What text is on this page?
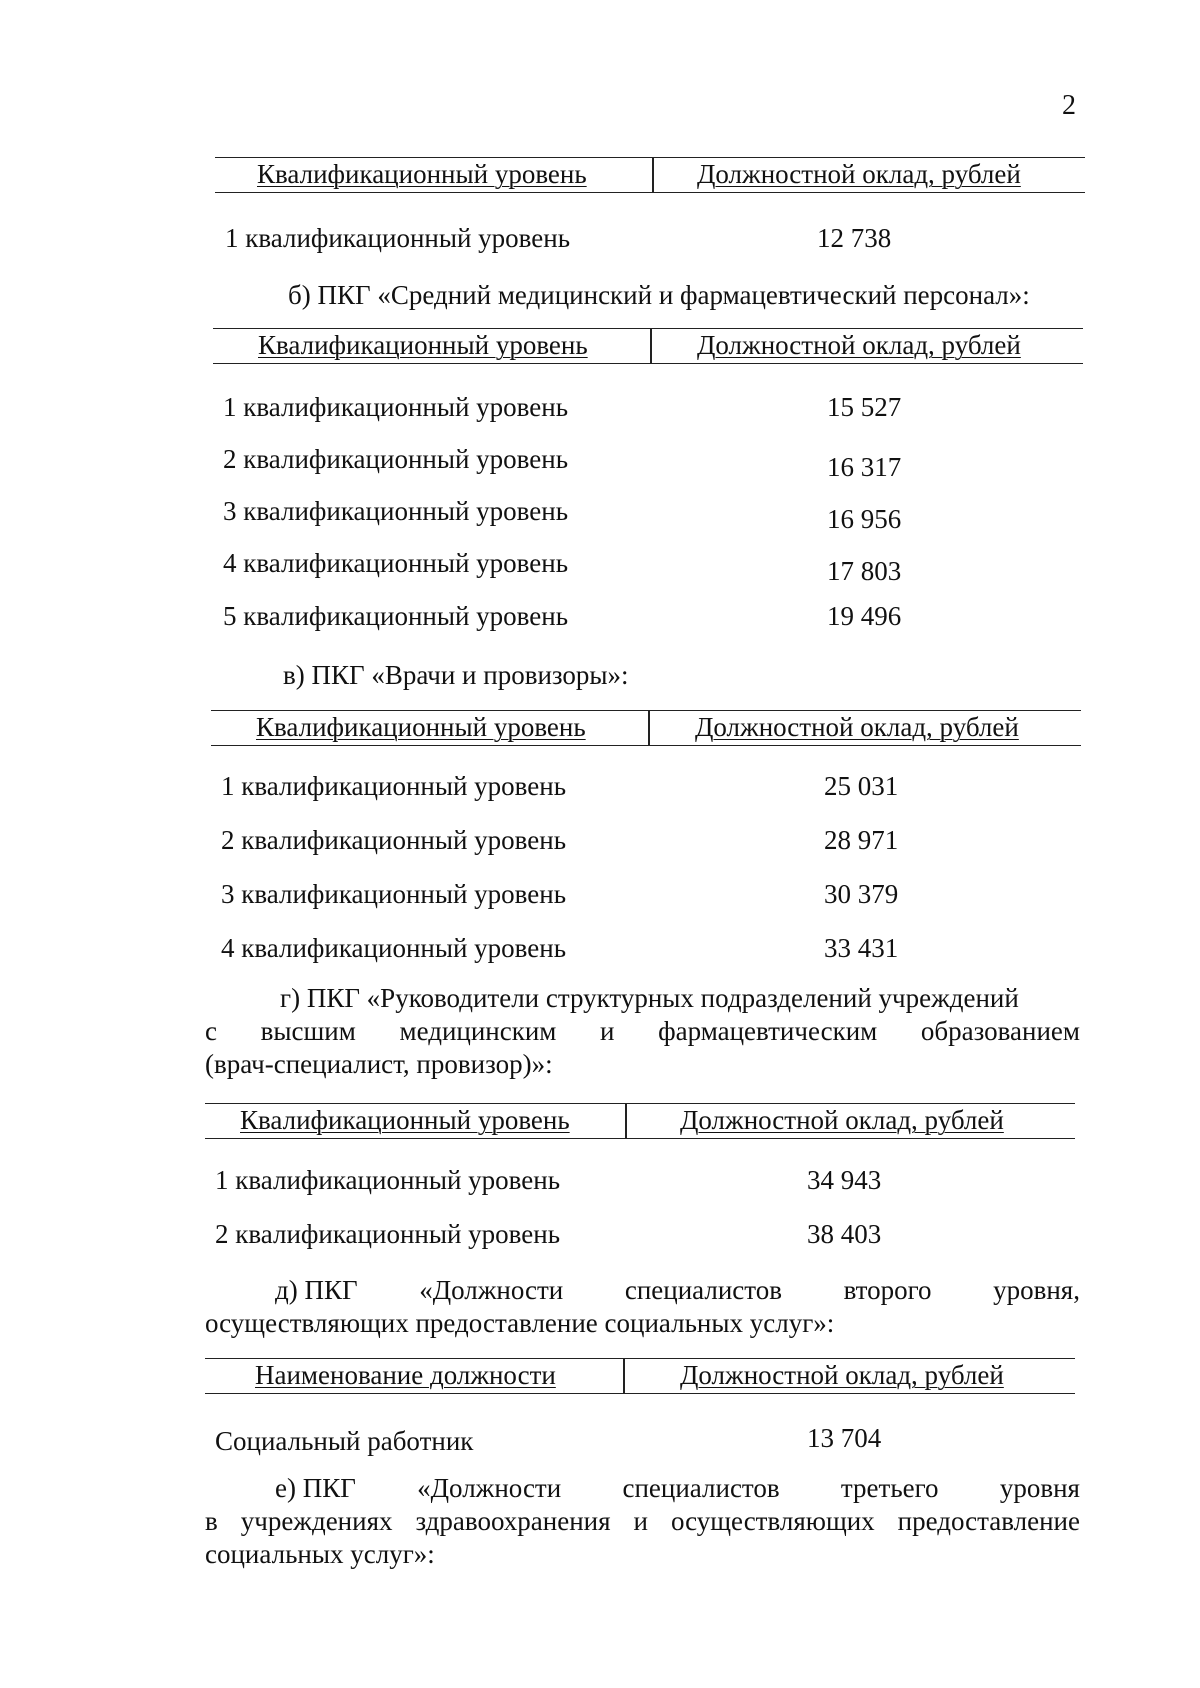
2
Квалификационный уровень	Должностной оклад, рублей
1 квалификационный уровень	12 738
б) ПКГ «Средний медицинский и фармацевтический персонал»:
Квалификационный уровень	Должностной оклад, рублей
1 квалификационный уровень	15 527
2 квалификационный уровень	16 317
3 квалификационный уровень	16 956
4 квалификационный уровень	17 803
5 квалификационный уровень	19 496
в) ПКГ «Врачи и провизоры»:
Квалификационный уровень	Должностной оклад, рублей
1 квалификационный уровень	25 031
2 квалификационный уровень	28 971
3 квалификационный уровень	30 379
4 квалификационный уровень	33 431
г) ПКГ «Руководители структурных подразделений учреждений
с высшим медицинским и фармацевтическим образованием
(врач-специалист, провизор)»:
Квалификационный уровень	Должностной оклад, рублей
1 квалификационный уровень	34 943
2 квалификационный уровень	38 403
д) ПКГ «Должности специалистов второго уровня,
осуществляющих предоставление социальных услуг»:
Наименование должности	Должностной оклад, рублей
Социальный работник	13 704
е) ПКГ «Должности специалистов третьего уровня
в учреждениях здравоохранения и осуществляющих предоставление
социальных услуг»:
